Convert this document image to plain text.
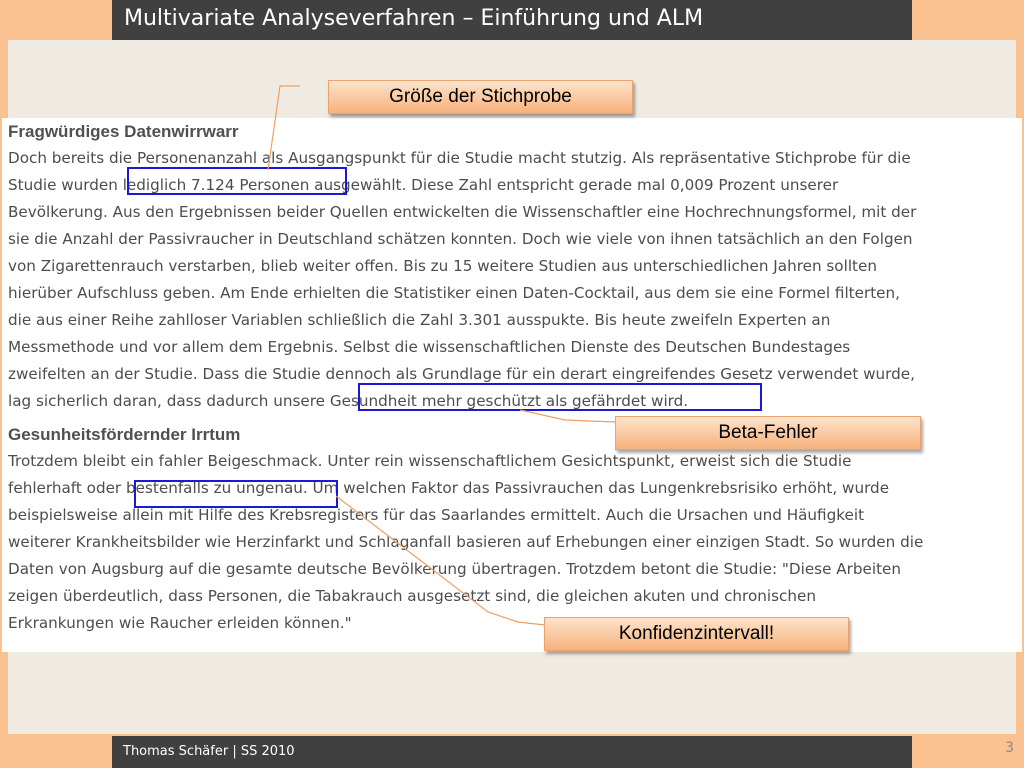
Multivariate Analyseverfahren – Einführung und ALM

Fragwürdiges Datenwirrwarr

Doch bereits die Personenanzahl als Ausgangspunkt für die Studie macht stutzig. Als repräsentative Stichprobe für die

Studie wurden lediglich 7.124 Personen ausgewählt. Diese Zahl entspricht gerade mal 0,009 Prozent unserer

Bevölkerung. Aus den Ergebnissen beider Quellen entwickelten die Wissenschaftler eine Hochrechnungsformel, mit der

sie die Anzahl der Passivraucher in Deutschland schätzen konnten. Doch wie viele von ihnen tatsächlich an den Folgen

von Zigarettenrauch verstarben, blieb weiter offen. Bis zu 15 weitere Studien aus unterschiedlichen Jahren sollten

hierüber Aufschluss geben. Am Ende erhielten die Statistiker einen Daten-Cocktail, aus dem sie eine Formel filterten,

die aus einer Reihe zahlloser Variablen schließlich die Zahl 3.301 ausspukte. Bis heute zweifeln Experten an

Messmethode und vor allem dem Ergebnis. Selbst die wissenschaftlichen Dienste des Deutschen Bundestages

zweifelten an der Studie. Dass die Studie dennoch als Grundlage für ein derart eingreifendes Gesetz verwendet wurde,

lag sicherlich daran, dass dadurch unsere Gesundheit mehr geschützt als gefährdet wird.

Gesunheitsfördernder Irrtum

Trotzdem bleibt ein fahler Beigeschmack. Unter rein wissenschaftlichem Gesichtspunkt, erweist sich die Studie

fehlerhaft oder bestenfalls zu ungenau. Um welchen Faktor das Passivrauchen das Lungenkrebsrisiko erhöht, wurde

beispielsweise allein mit Hilfe des Krebsregisters für das Saarlandes ermittelt. Auch die Ursachen und Häufigkeit

weiterer Krankheitsbilder wie Herzinfarkt und Schlaganfall basieren auf Erhebungen einer einzigen Stadt. So wurden die

Daten von Augsburg auf die gesamte deutsche Bevölkerung übertragen. Trotzdem betont die Studie: "Diese Arbeiten

zeigen überdeutlich, dass Personen, die Tabakrauch ausgesetzt sind, die gleichen akuten und chronischen

Erkrankungen wie Raucher erleiden können."

Größe der Stichprobe
Beta-Fehler
Konfidenzintervall!
Thomas Schäfer | SS 2010	3
